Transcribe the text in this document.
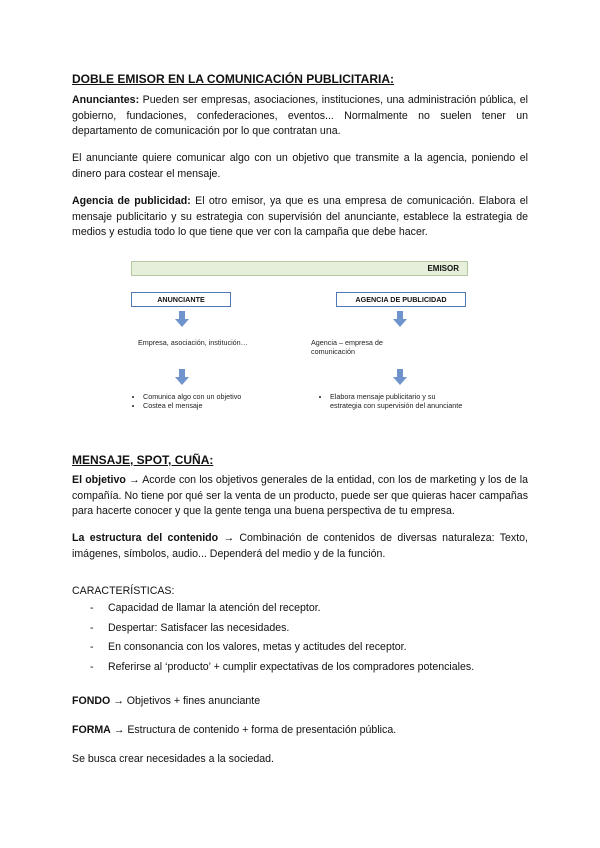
DOBLE EMISOR EN LA COMUNICACIÓN PUBLICITARIA:

Anunciantes: Pueden ser empresas, asociaciones, instituciones, una administración pública, el gobierno, fundaciones, confederaciones, eventos... Normalmente no suelen tener un departamento de comunicación por lo que contratan una.

El anunciante quiere comunicar algo con un objetivo que transmite a la agencia, poniendo el dinero para costear el mensaje.

Agencia de publicidad: El otro emisor, ya que es una empresa de comunicación. Elabora el mensaje publicitario y su estrategia con supervisión del anunciante, establece la estrategia de medios y estudia todo lo que tiene que ver con la campaña que debe hacer.

EMISOR
ANUNCIANTE	AGENCIA DE PUBLICIDAD
Empresa, asociación, institución…	Agencia – empresa de comunicación
• Comunica algo con un objetivo
• Costea el mensaje
• Elabora mensaje publicitario y su estrategia con supervisión del anunciante

MENSAJE, SPOT, CUÑA:

El objetivo → Acorde con los objetivos generales de la entidad, con los de marketing y los de la compañía. No tiene por qué ser la venta de un producto, puede ser que quieras hacer campañas para hacerte conocer y que la gente tenga una buena perspectiva de tu empresa.

La estructura del contenido → Combinación de contenidos de diversas naturaleza: Texto, imágenes, símbolos, audio... Dependerá del medio y de la función.

CARACTERÍSTICAS:

- Capacidad de llamar la atención del receptor.
- Despertar: Satisfacer las necesidades.
- En consonancia con los valores, metas y actitudes del receptor.
- Referirse al ‘producto’ + cumplir expectativas de los compradores potenciales.

FONDO → Objetivos + fines anunciante

FORMA → Estructura de contenido + forma de presentación pública.

Se busca crear necesidades a la sociedad.
